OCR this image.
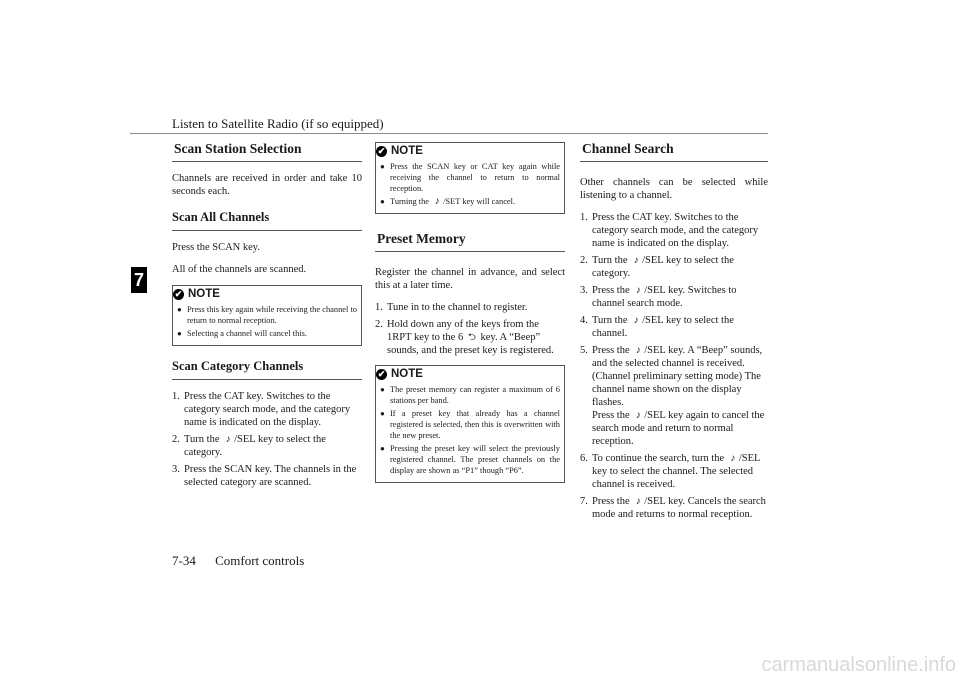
Listen to Satellite Radio (if so equipped)
7
Scan Station Selection

Channels are received in order and take 10 seconds each.

Scan All Channels

Press the SCAN key.

All of the channels are scanned.

✔ NOTE
● Press this key again while receiving the channel to return to normal reception.
● Selecting a channel will cancel this.
Scan Category Channels
1. Press the CAT key. Switches to the category search mode, and the category name is indicated on the display.
2. Turn the ♪ /SEL key to select the category.
3. Press the SCAN key. The channels in the selected category are scanned.
✔ NOTE
● Press the SCAN key or CAT key again while receiving the channel to return to normal reception.
● Turning the ♪ /SET key will cancel.
Preset Memory

Register the channel in advance, and select this at a later time.

1. Tune in to the channel to register.
2. Hold down any of the keys from the 1RPT key to the 6 ⮌ key. A “Beep” sounds, and the preset key is registered.
✔ NOTE
● The preset memory can register a maximum of 6 stations per band.
● If a preset key that already has a channel registered is selected, then this is overwritten with the new preset.
● Pressing the preset key will select the previously registered channel. The preset channels on the display are shown as “P1” though “P6”.
Channel Search

Other channels can be selected while listening to a channel.

1. Press the CAT key. Switches to the category search mode, and the category name is indicated on the display.
2. Turn the ♪ /SEL key to select the category.
3. Press the ♪ /SEL key. Switches to channel search mode.
4. Turn the ♪ /SEL key to select the channel.
5. Press the ♪ /SEL key. A “Beep” sounds, and the selected channel is received. (Channel preliminary setting mode) The channel name shown on the display flashes.
Press the ♪ /SEL key again to cancel the search mode and return to normal reception.
6. To continue the search, turn the ♪ /SEL key to select the channel. The selected channel is received.
7. Press the ♪ /SEL key. Cancels the search mode and returns to normal reception.
7-34 Comfort controls
carmanualsonline.info
